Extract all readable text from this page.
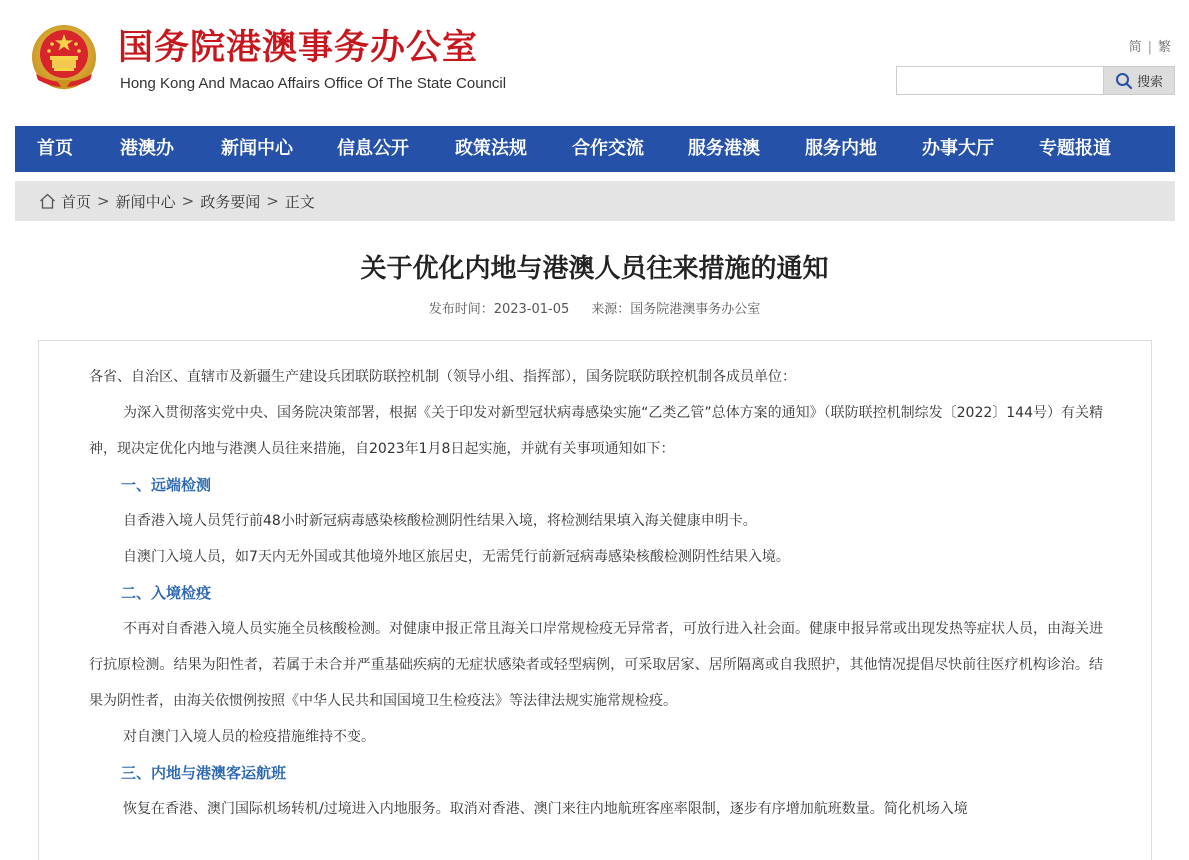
国务院港澳事务办公室
Hong Kong And Macao Affairs Office Of The State Council
简 | 繁
搜索
首页	港澳办	新闻中心	信息公开	政策法规	合作交流	服务港澳	服务内地	办事大厅	专题报道
首页 > 新闻中心 > 政务要闻 > 正文
关于优化内地与港澳人员往来措施的通知
发布时间：2023-01-05 来源：国务院港澳事务办公室

各省、自治区、直辖市及新疆生产建设兵团联防联控机制（领导小组、指挥部），国务院联防联控机制各成员单位：

为深入贯彻落实党中央、国务院决策部署，根据《关于印发对新型冠状病毒感染实施“乙类乙管”总体方案的通知》（联防联控机制综发〔2022〕144号）有关精神，现决定优化内地与港澳人员往来措施，自2023年1月8日起实施，并就有关事项通知如下：

一、远端检测

自香港入境人员凭行前48小时新冠病毒感染核酸检测阴性结果入境，将检测结果填入海关健康申明卡。

自澳门入境人员，如7天内无外国或其他境外地区旅居史，无需凭行前新冠病毒感染核酸检测阴性结果入境。

二、入境检疫

不再对自香港入境人员实施全员核酸检测。对健康申报正常且海关口岸常规检疫无异常者，可放行进入社会面。健康申报异常或出现发热等症状人员，由海关进行抗原检测。结果为阳性者，若属于未合并严重基础疾病的无症状感染者或轻型病例，可采取居家、居所隔离或自我照护，其他情况提倡尽快前往医疗机构诊治。结果为阴性者，由海关依惯例按照《中华人民共和国国境卫生检疫法》等法律法规实施常规检疫。

对自澳门入境人员的检疫措施维持不变。

三、内地与港澳客运航班

恢复在香港、澳门国际机场转机/过境进入内地服务。取消对香港、澳门来往内地航班客座率限制，逐步有序增加航班数量。简化机场入境
